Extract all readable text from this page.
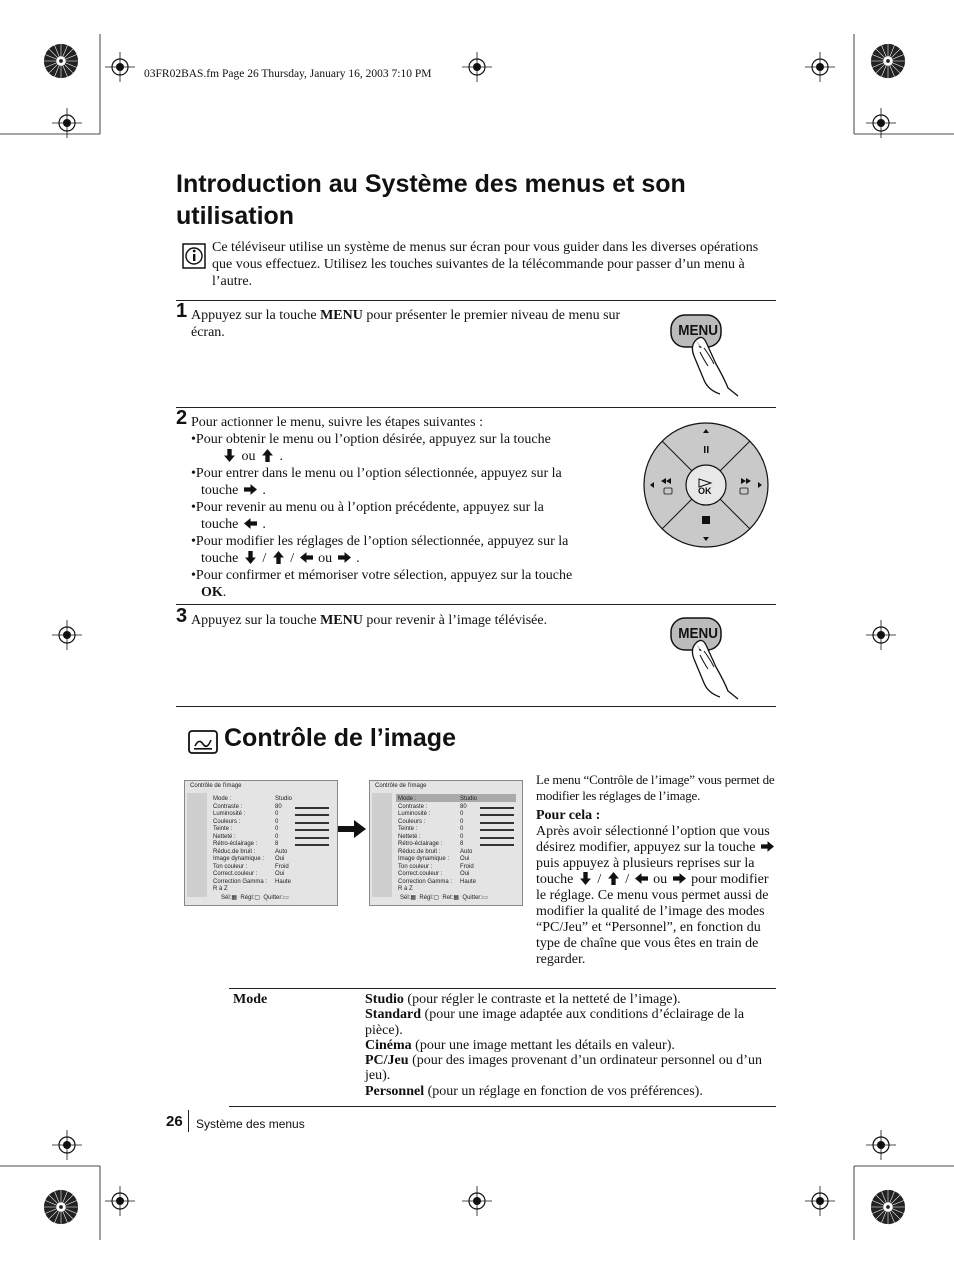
03FR02BAS.fm Page 26 Thursday, January 16, 2003 7:10 PM
Introduction au Système des menus et son utilisation
Ce téléviseur utilise un système de menus sur écran pour vous guider dans les diverses opérations que vous effectuez. Utilisez les touches suivantes de la télécommande pour passer d’un menu à l’autre.
1 Appuyez sur la touche MENU pour présenter le premier niveau de menu sur écran.	MENU
2 Pour actionner le menu, suivre les étapes suivantes :
•Pour obtenir le menu ou l’option désirée, appuyez sur la touche
ou  .
•Pour entrer dans le menu ou l’option sélectionnée, appuyez sur la
touche  .
•Pour revenir au menu ou à l’option précédente, appuyez sur la
touche  .
•Pour modifier les réglages de l’option sélectionnée, appuyez sur la
touche  /  /  ou  .
•Pour confirmer et mémoriser votre sélection, appuyez sur la touche
OK.
OK
3 Appuyez sur la touche MENU pour revenir à l’image télévisée.
MENU
Contrôle de l’image
Contrôle de l'image
Mode :	Studio
Contraste :	80
Luminosité :	0
Couleurs :	0
Teinte :	0
Netteté :	0
Rétro-éclairage :	8
Réduc.de bruit :	Auto
Image dynamique :	Oui
Ton couleur :	Froid
Correct.couleur :	Oui
Correction Gamma :	Haute
R à Z
Sél:▦  Régl:▢  Quitter:▭
Contrôle de l'image
Mode :	Studio
Contraste :	80
Luminosité :	0
Couleurs :	0
Teinte :	0
Netteté :	0
Rétro-éclairage :	8
Réduc.de bruit :	Auto
Image dynamique :	Oui
Ton couleur :	Froid
Correct.couleur :	Oui
Correction Gamma :	Haute
R à Z
Sél:▦  Régl:▢  Ret:▦  Quitter:▭
Le menu “Contrôle de l’image” vous permet de modifier les réglages de l’image.
Pour cela :
Après avoir sélectionné l’option que vous désirez modifier, appuyez sur la touche  puis appuyez à plusieurs reprises sur la touche  /  /  ou pour modifier le réglage. Ce menu vous permet aussi de modifier la qualité de l’image des modes “PC/Jeu” et “Personnel”, en fonction du type de chaîne que vous êtes en train de regarder.
Mode	Studio (pour régler le contraste et la netteté de l’image).
Standard (pour une image adaptée aux conditions d’éclairage de la pièce).
Cinéma (pour une image mettant les détails en valeur).
PC/Jeu (pour des images provenant d’un ordinateur personnel ou d’un jeu).
Personnel (pour un réglage en fonction de vos préférences).
26 Système des menus
